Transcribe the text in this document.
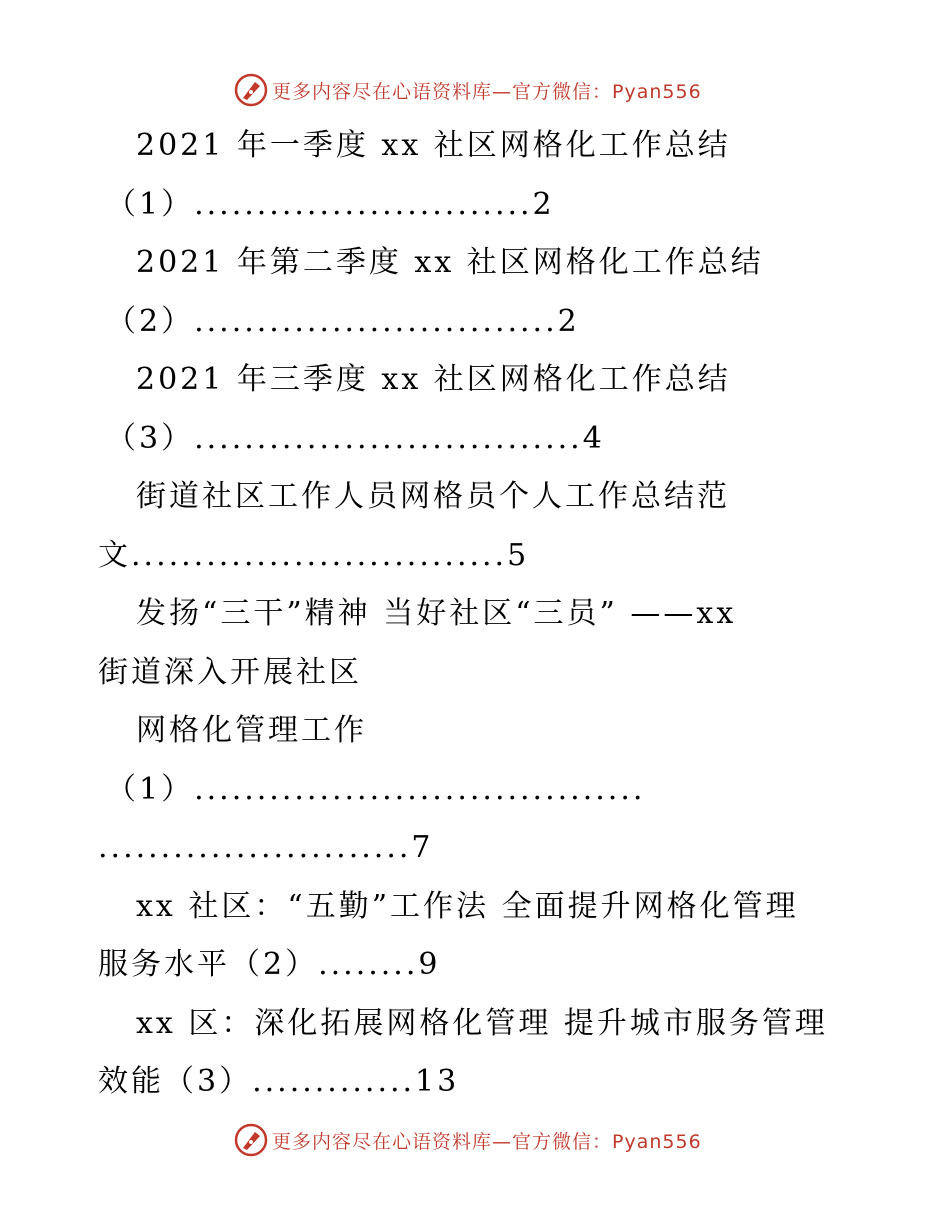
更多内容尽在心语资料库—官方微信：Pyan556
2021 年一季度 xx 社区网格化工作总结
（1）...........................2
2021 年第二季度 xx 社区网格化工作总结
（2）.............................2
2021 年三季度 xx 社区网格化工作总结
（3）...............................4
街道社区工作人员网格员个人工作总结范
文..............................5
发扬“三干”精神 当好社区“三员” ——xx
街道深入开展社区
网格化管理工作
（1）....................................
.........................7
xx 社区：“五勤”工作法 全面提升网格化管理
服务水平（2）........9
xx 区：深化拓展网格化管理 提升城市服务管理
效能（3）.............13
更多内容尽在心语资料库—官方微信：Pyan556
